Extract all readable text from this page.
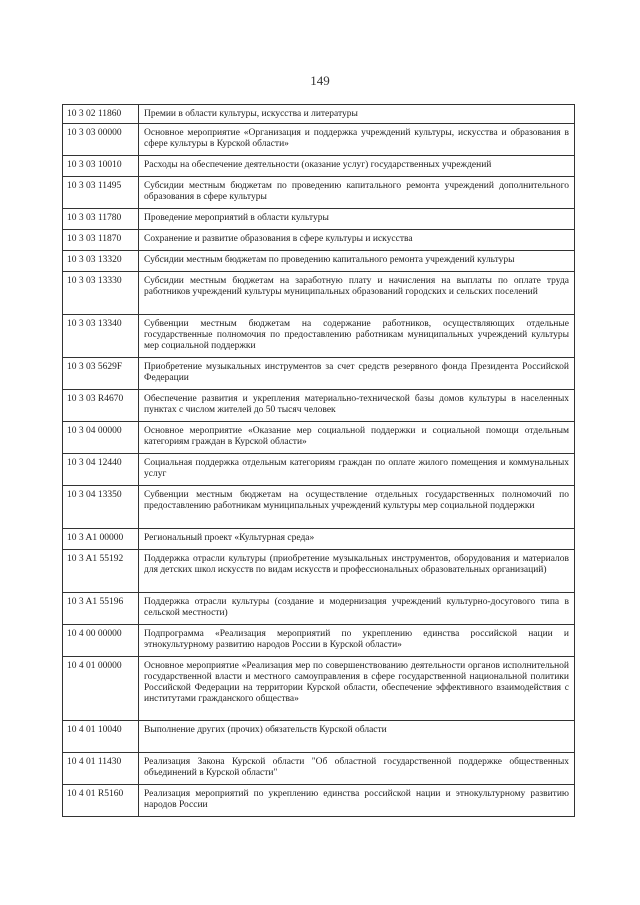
149
10 3 02 11860	Премии в области культуры, искусства и литературы
10 3 03 00000	Основное мероприятие «Организация и поддержка учреждений культуры, искусства и образования в сфере культуры в Курской области»
10 3 03 10010	Расходы на обеспечение деятельности (оказание услуг) государственных учреждений
10 3 03 11495	Субсидии местным бюджетам по проведению капитального ремонта учреждений дополнительного образования в сфере культуры
10 3 03 11780	Проведение мероприятий в области культуры
10 3 03 11870	Сохранение и развитие образования в сфере культуры и искусства
10 3 03 13320	Субсидии местным бюджетам по проведению капитального ремонта учреждений культуры
10 3 03 13330	Субсидии местным бюджетам на заработную плату и начисления на выплаты по оплате труда работников учреждений культуры муниципальных образований городских и сельских поселений
10 3 03 13340	Субвенции местным бюджетам на содержание работников, осуществляющих отдельные государственные полномочия по предоставлению работникам муниципальных учреждений культуры мер социальной поддержки
10 3 03 5629F	Приобретение музыкальных инструментов за счет средств резервного фонда Президента Российской Федерации
10 3 03 R4670	Обеспечение развития и укрепления материально-технической базы домов культуры в населенных пунктах с числом жителей до 50 тысяч человек
10 3 04 00000	Основное мероприятие «Оказание мер социальной поддержки и социальной помощи отдельным категориям граждан в Курской области»
10 3 04 12440	Социальная поддержка отдельным категориям граждан по оплате жилого помещения и коммунальных услуг
10 3 04 13350	Субвенции местным бюджетам на осуществление отдельных государственных полномочий по предоставлению работникам муниципальных учреждений культуры мер социальной поддержки
10 3 A1 00000	Региональный проект «Культурная среда»
10 3 A1 55192	Поддержка отрасли культуры (приобретение музыкальных инструментов, оборудования и материалов для детских школ искусств по видам искусств и профессиональных образовательных организаций)
10 3 A1 55196	Поддержка отрасли культуры (создание и модернизация учреждений культурно-досугового типа в сельской местности)
10 4 00 00000	Подпрограмма «Реализация мероприятий по укреплению единства российской нации и этнокультурному развитию народов России в Курской области»
10 4 01 00000	Основное мероприятие «Реализация мер по совершенствованию деятельности органов исполнительной государственной власти и местного самоуправления в сфере государственной национальной политики Российской Федерации на территории Курской области, обеспечение эффективного взаимодействия с институтами гражданского общества»
10 4 01 10040	Выполнение других (прочих) обязательств Курской области
10 4 01 11430	Реализация Закона Курской области "Об областной государственной поддержке общественных объединений в Курской области"
10 4 01 R5160	Реализация мероприятий по укреплению единства российской нации и этнокультурному развитию народов России
